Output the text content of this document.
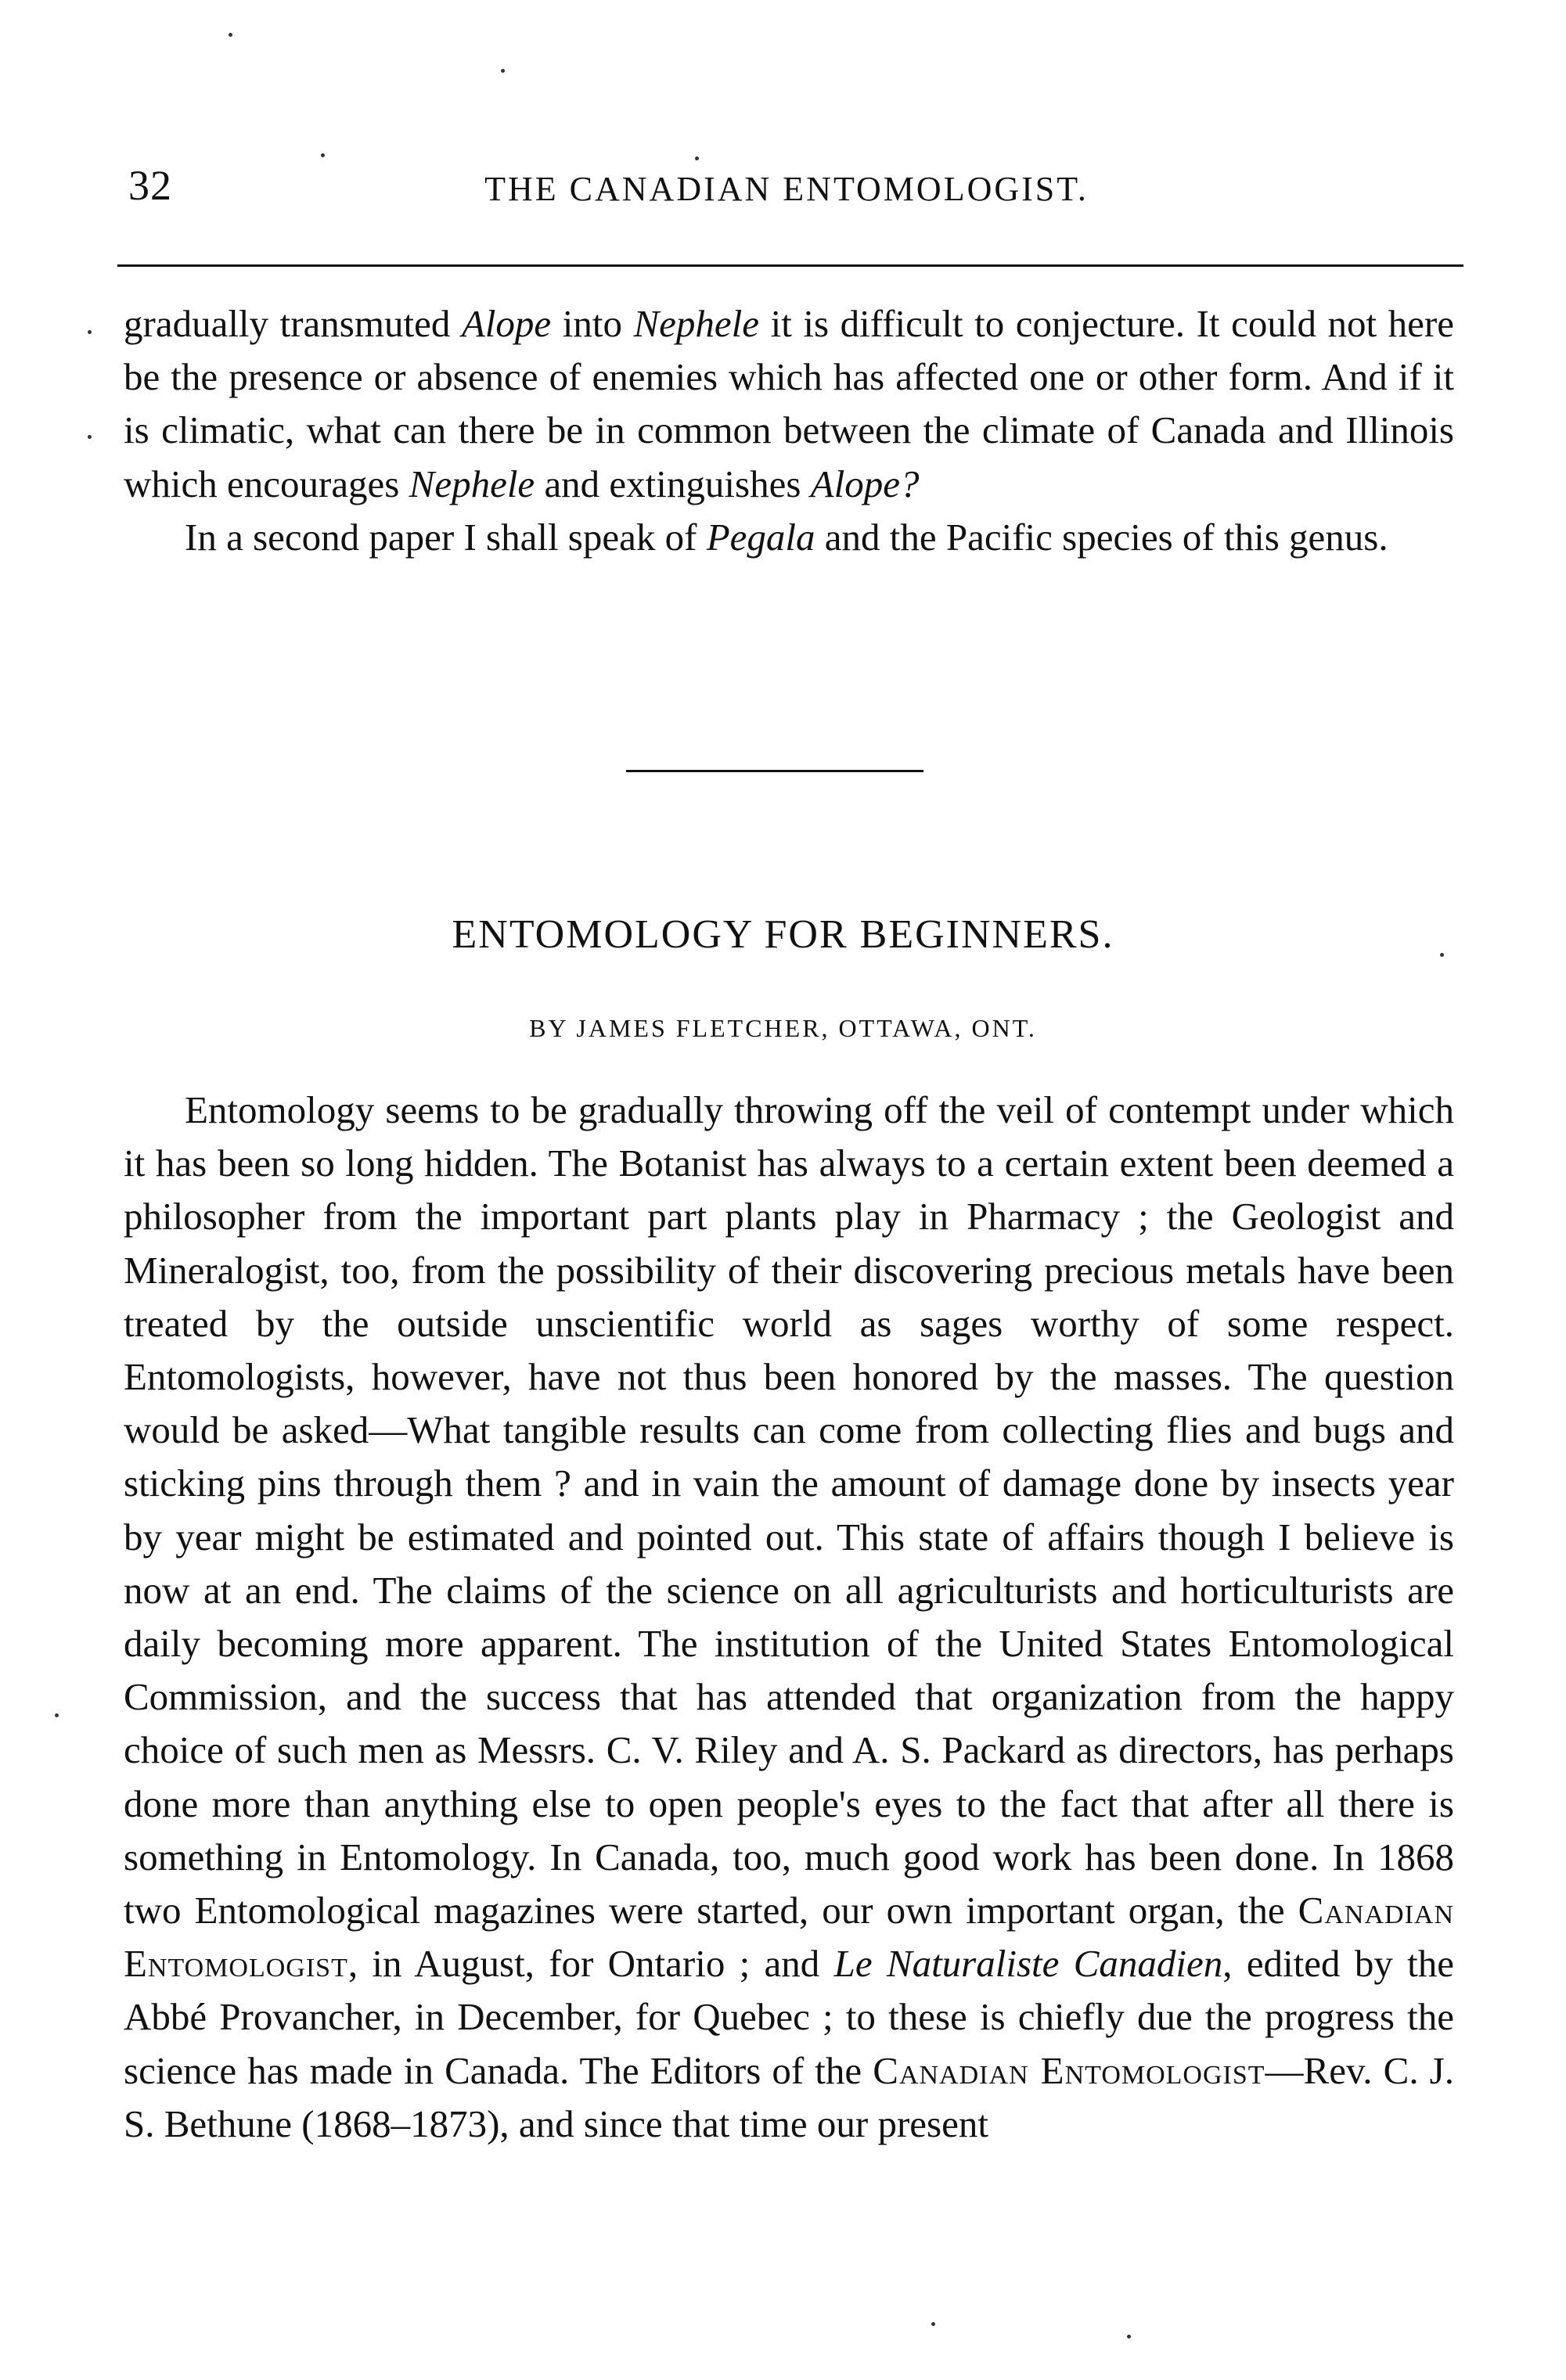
32	THE CANADIAN ENTOMOLOGIST.

gradually transmuted Alope into Nephele it is difficult to conjecture. It could not here be the presence or absence of enemies which has affected one or other form. And if it is climatic, what can there be in common between the climate of Canada and Illinois which encourages Nephele and extinguishes Alope?

In a second paper I shall speak of Pegala and the Pacific species of this genus.

ENTOMOLOGY FOR BEGINNERS.
BY JAMES FLETCHER, OTTAWA, ONT.

Entomology seems to be gradually throwing off the veil of contempt under which it has been so long hidden. The Botanist has always to a certain extent been deemed a philosopher from the important part plants play in Pharmacy ; the Geologist and Mineralogist, too, from the possibility of their discovering precious metals have been treated by the outside unscientific world as sages worthy of some respect. Entomologists, however, have not thus been honored by the masses. The question would be asked—What tangible results can come from collecting flies and bugs and sticking pins through them ? and in vain the amount of damage done by insects year by year might be estimated and pointed out. This state of affairs though I believe is now at an end. The claims of the science on all agriculturists and horticulturists are daily becoming more apparent. The institution of the United States Entomological Commission, and the success that has attended that organization from the happy choice of such men as Messrs. C. V. Riley and A. S. Packard as directors, has perhaps done more than anything else to open people's eyes to the fact that after all there is something in Entomology. In Canada, too, much good work has been done. In 1868 two Entomological magazines were started, our own important organ, the Canadian Entomologist, in August, for Ontario ; and Le Naturaliste Canadien, edited by the Abbé Provancher, in December, for Quebec ; to these is chiefly due the progress the science has made in Canada. The Editors of the Canadian Entomologist—Rev. C. J. S. Bethune (1868–1873), and since that time our present
